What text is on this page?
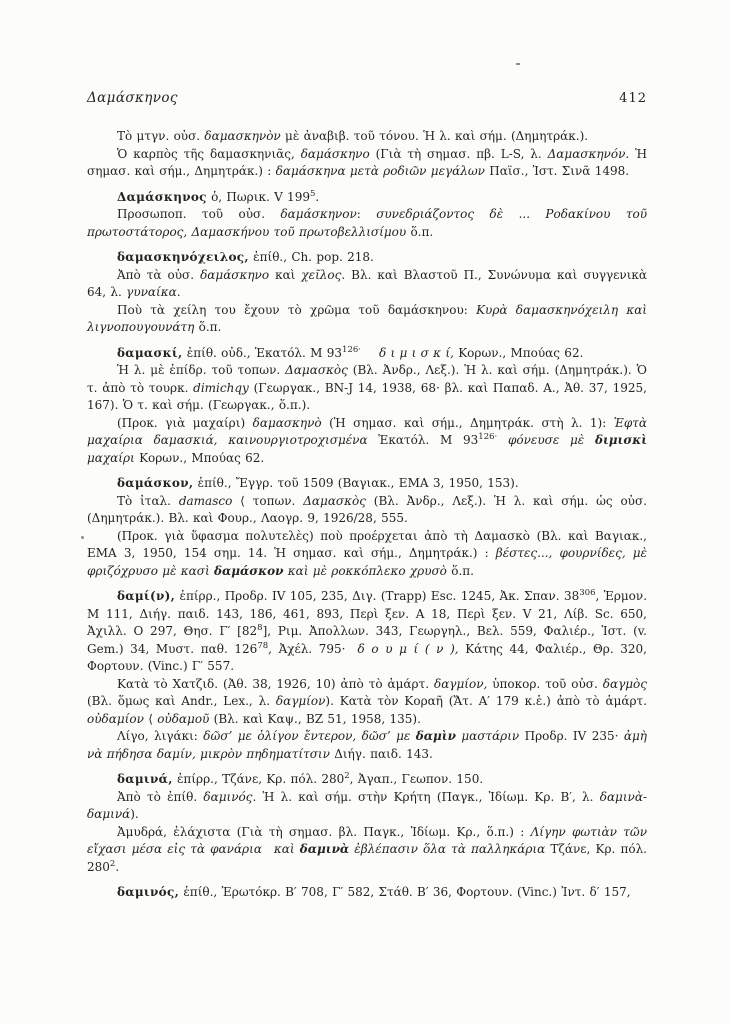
Δαμάσκηνος	412

Τὸ μτγν. οὐσ. δαμασκηνὸν μὲ ἀναβιβ. τοῦ τόνου. Ἡ λ. καὶ σήμ. (Δημητράκ.).

Ὁ καρπὸς τῆς δαμασκηνιᾶς, δαμάσκηνο (Γιὰ τὴ σημασ. πβ. L-S, λ. Δαμασκηνόν. Ἡ σημασ. καὶ σήμ., Δημητράκ.) : δαμάσκηνα μετὰ ροδιῶν μεγάλων Παϊσ., Ἱστ. Σινᾶ 1498.

Δαμάσκηνος ὁ, Πωρικ. V $199^5$.

Προσωποπ. τοῦ οὐσ. δαμάσκηνον: συνεδριάζοντος δὲ ... Ροδακίνου τοῦ πρωτοστάτορος, Δαμασκήνου τοῦ πρωτοβελλισίμου ὅ.π.

δαμασκηνόχειλος, ἐπίθ., Ch. pop. 218.

Ἀπὸ τὰ οὐσ. δαμάσκηνο καὶ χεῖλος. Βλ. καὶ Βλαστοῦ Π., Συνώνυμα καὶ συγγενικὰ 64, λ. γυναίκα.

Ποὺ τὰ χείλη του ἔχουν τὸ χρῶμα τοῦ δαμάσκηνου: Κυρὰ δαμασκηνόχειλη καὶ λιγνοπουγουνάτη ὅ.π.

δαμασκί, ἐπίθ. οὐδ., Ἑκατόλ. Μ $93^{126\cdot}$   δ ι μ ι σ κ ί, Κορων., Μπούας 62.

Ἡ λ. μὲ ἐπίδρ. τοῦ τοπων. Δαμασκὸς (Βλ. Ἀνδρ., Λεξ.). Ἡ λ. καὶ σήμ. (Δημητράκ.). Ὁ τ. ἀπὸ τὸ τουρκ. dimichqy (Γεωργακ., BN-J 14, 1938, 68· βλ. καὶ Παπαδ. Α., Ἀθ. 37, 1925, 167). Ὁ τ. καὶ σήμ. (Γεωργακ., ὅ.π.).

(Προκ. γιὰ μαχαίρι) δαμασκηνὸ (Ἡ σημασ. καὶ σήμ., Δημητράκ. στὴ λ. 1): Ἑφτὰ μαχαίρια δαμασκιά, καινουργιοτροχισμένα Ἑκατόλ. Μ $93^{126\cdot}$ φόνευσε μὲ διμισκὶ μαχαίρι Κορων., Μπούας 62.

δαμάσκον, ἐπίθ., Ἔγγρ. τοῦ 1509 (Βαγιακ., ΕΜΑ 3, 1950, 153).

Τὸ ἰταλ. damasco ⟨ τοπων. Δαμασκὸς (Βλ. Ἀνδρ., Λεξ.). Ἡ λ. καὶ σήμ. ὡς οὐσ. (Δημητράκ.). Βλ. καὶ Φουρ., Λαογρ. 9, 1926/28, 555.

(Προκ. γιὰ ὕφασμα πολυτελὲς) ποὺ προέρχεται ἀπὸ τὴ Δαμασκὸ (Βλ. καὶ Βαγιακ., ΕΜΑ 3, 1950, 154 σημ. 14. Ἡ σημασ. καὶ σήμ., Δημητράκ.) : βέστες..., φουρνίδες, μὲ φριζόχρυσο μὲ κασὶ δαμάσκον καὶ μὲ ροκκόπλεκο χρυσὸ ὅ.π.

δαμί(ν), ἐπίρρ., Προδρ. IV 105, 235, Διγ. (Trapp) Esc. 1245, Ἀκ. Σπαν. $38^{306}$, Ἑρμον. Μ 111, Διήγ. παιδ. 143, 186, 461, 893, Περὶ ξεν. Α 18, Περὶ ξεν. V 21, Λίβ. Sc. 650, Ἀχιλλ. Ο 297, Θησ. Γ′ $[82^8]$, Ριμ. Ἀπολλων. 343, Γεωργηλ., Βελ. 559, Φαλιέρ., Ἱστ. (v. Gem.) 34, Μυστ. παθ. $126^{78}$, Ἀχέλ. 795· δ ο υ μ ί ( ν ), Κάτης 44, Φαλιέρ., Θρ. 320, Φορτουν. (Vinc.) Γ′ 557.

Κατὰ τὸ Χατζιδ. (Ἀθ. 38, 1926, 10) ἀπὸ τὸ ἁμάρτ. δαγμίον, ὑποκορ. τοῦ οὐσ. δαγμὸς (Βλ. ὅμως καὶ Andr., Lex., λ. δαγμίον). Κατὰ τὸν Κοραῆ (Ἄτ. Α′ 179 κ.ἑ.) ἀπὸ τὸ ἁμάρτ. οὐδαμίον ⟨ οὐδαμοῦ (Βλ. καὶ Καψ., BZ 51, 1958, 135).

Λίγο, λιγάκι: δῶσ’ με ὀλίγον ἔντερον, δῶσ’ με δαμὶν μαστάριν Προδρ. IV 235· ἀμὴ νὰ πήδησα δαμίν, μικρὸν πηδηματίτσιν Διήγ. παιδ. 143.

δαμινά, ἐπίρρ., Τζάνε, Κρ. πόλ. $280^2$, Ἀγαπ., Γεωπον. 150.

Ἀπὸ τὸ ἐπίθ. δαμινός. Ἡ λ. καὶ σήμ. στὴν Κρήτη (Παγκ., Ἰδίωμ. Κρ. Β′, λ. δαμινὰ-δαμινά).

Ἀμυδρά, ἐλάχιστα (Γιὰ τὴ σημασ. βλ. Παγκ., Ἰδίωμ. Κρ., ὅ.π.) : Λίγην φωτιὰν τῶν εἴχασι μέσα εἰς τὰ φανάρια καὶ δαμινὰ ἐβλέπασιν ὅλα τὰ παλληκάρια Τζάνε, Κρ. πόλ. $280^2$.

δαμινός, ἐπίθ., Ἐρωτόκρ. Β′ 708, Γ′ 582, Στάθ. Β′ 36, Φορτουν. (Vinc.) Ἰντ. δ′ 157,
